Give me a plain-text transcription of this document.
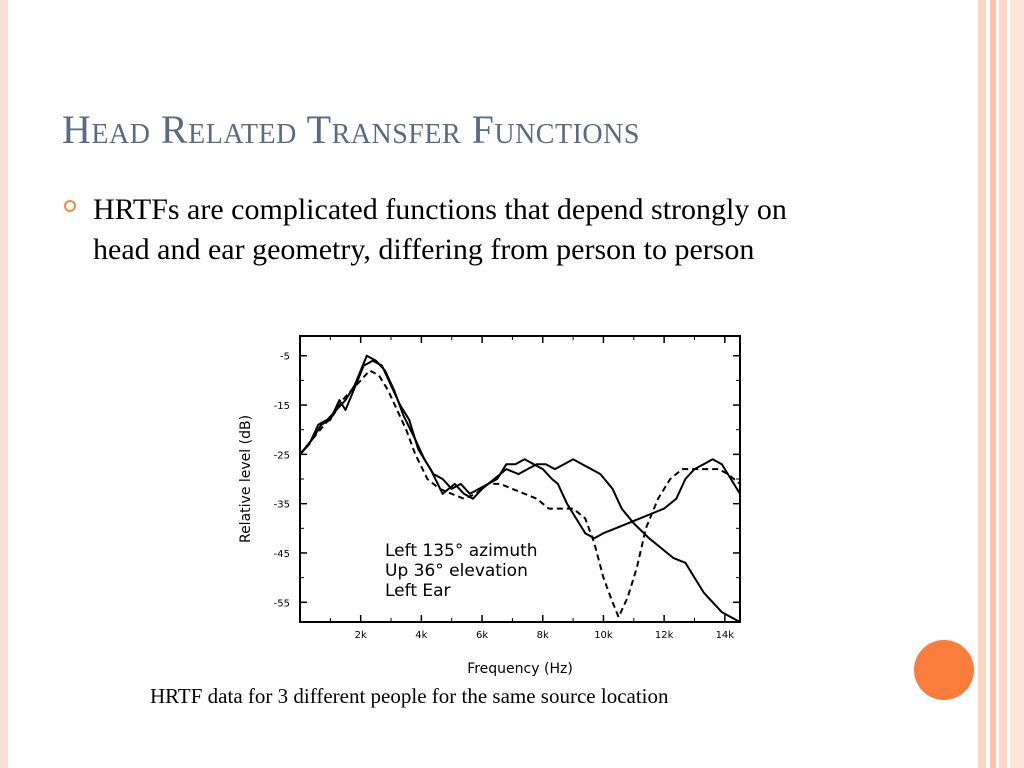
Head Related Transfer Functions
HRTFs are complicated functions that depend strongly on head and ear geometry, differing from person to person
2k	4k	6k	8k	10k	12k	14k
-5
-15
-25
-35
-45
-55
Relative level (dB)
Frequency (Hz)
Left 135° azimuth
Up 36° elevation
Left Ear
HRTF data for 3 different people for the same source location
